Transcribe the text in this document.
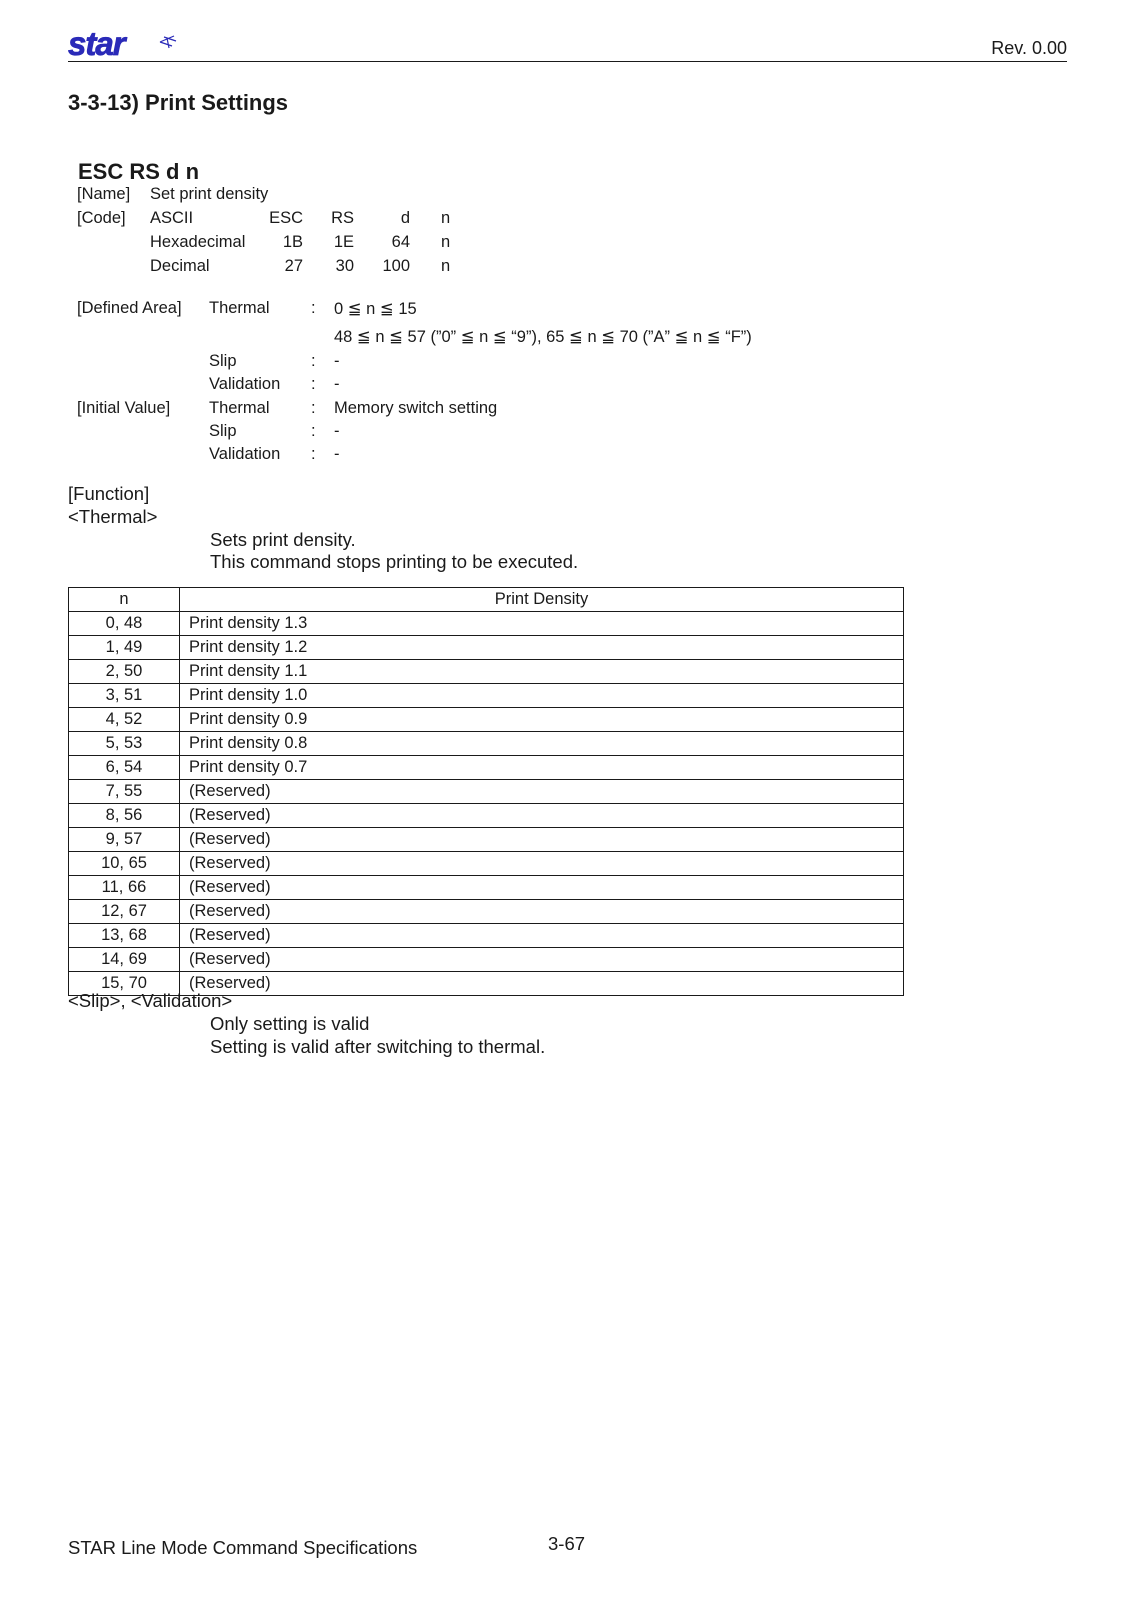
star	Rev. 0.00
3-3-13) Print Settings
ESC RS d n
[Name] Set print density
[Code] ASCII	ESC	RS	d n
Hexadecimal	1B	1E	64 n
Decimal	27	30	100 n
[Defined Area] Thermal	: 0 ≦ n ≦ 15
48 ≦ n ≦ 57 (”0” ≦ n ≦ “9”), 65 ≦ n ≦ 70 (”A” ≦ n ≦ “F”)
Slip	: -
Validation : -
[Initial Value] Thermal	: Memory switch setting
Slip	: -
Validation : -
[Function]
<Thermal>
Sets print density.
This command stops printing to be executed.
n	Print Density
0, 48	Print density 1.3
1, 49	Print density 1.2
2, 50	Print density 1.1
3, 51	Print density 1.0
4, 52	Print density 0.9
5, 53	Print density 0.8
6, 54	Print density 0.7
7, 55	(Reserved)
8, 56	(Reserved)
9, 57	(Reserved)
10, 65	(Reserved)
11, 66	(Reserved)
12, 67	(Reserved)
13, 68	(Reserved)
14, 69	(Reserved)
15, 70	(Reserved)
<Slip>, <Validation>
Only setting is valid
Setting is valid after switching to thermal.
STAR Line Mode Command Specifications	3-67
